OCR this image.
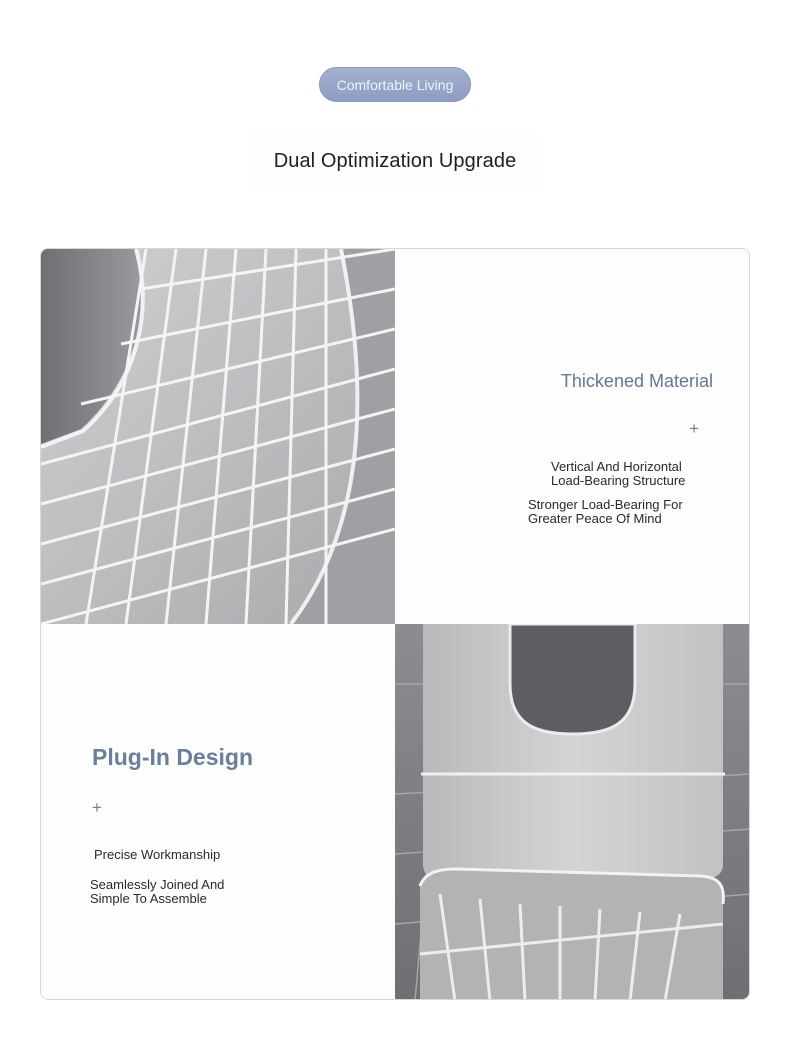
Comfortable Living
Dual Optimization Upgrade
Thickened Material
+
Vertical And Horizontal Load-Bearing Structure
Stronger Load-Bearing For Greater Peace Of Mind
Plug-In Design
+
Precise Workmanship
Seamlessly Joined And Simple To Assemble
